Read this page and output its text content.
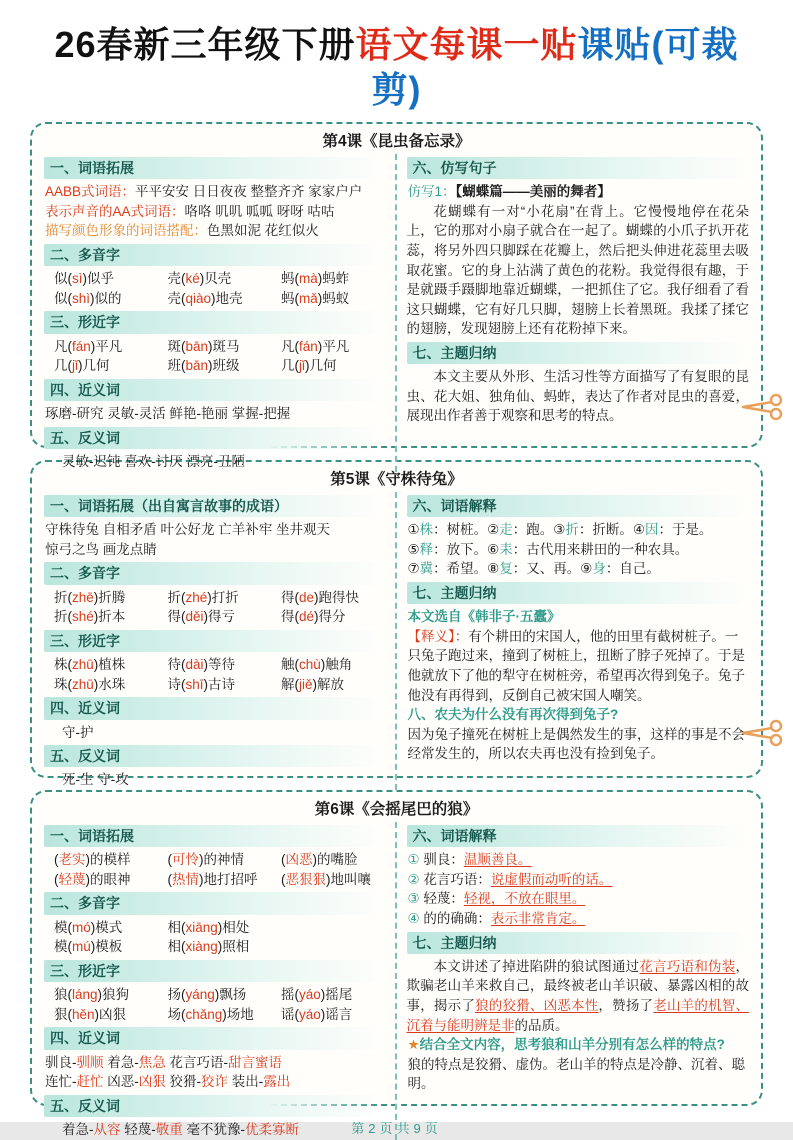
26春新三年级下册语文每课一贴课贴(可裁剪)
第4课《昆虫备忘录》
一、词语拓展
AABB式词语：平平安安 日日夜夜 整整齐齐 家家户户
表示声音的AA式词语：咯咯 叽叽 呱呱 呀呀 咕咕
描写颜色形象的词语搭配：色黑如泥 花红似火
二、多音字
似(sì)似乎	壳(ké)贝壳	蚂(mà)蚂蚱
似(shì)似的	壳(qiào)地壳	蚂(mǎ)蚂蚁
三、形近字
凡(fán)平凡	斑(bān)斑马	凡(fán)平凡
几(jǐ)几何	班(bān)班级	几(jǐ)几何
四、近义词
琢磨-研究 灵敏-灵活 鲜艳-艳丽 掌握-把握
五、反义词
灵敏-迟钝 喜欢-讨厌 漂亮-丑陋
六、仿写句子
仿写1：【蝴蝶篇——美丽的舞者】
花蝴蝶有一对“小花扇”在背上。它慢慢地停在花朵上，它的那对小扇子就合在一起了。蝴蝶的小爪子扒开花蕊，将另外四只脚踩在花瓣上，然后把头伸进花蕊里去吸取花蜜。它的身上沾满了黄色的花粉。我觉得很有趣，于是就蹑手蹑脚地靠近蝴蝶，一把抓住了它。我仔细看了看这只蝴蝶，它有好几只脚，翅膀上长着黑斑。我揉了揉它的翅膀，发现翅膀上还有花粉掉下来。
七、主题归纳
本文主要从外形、生活习性等方面描写了有复眼的昆虫、花大姐、独角仙、蚂蚱，表达了作者对昆虫的喜爱，展现出作者善于观察和思考的特点。
第5课《守株待兔》
一、词语拓展（出自寓言故事的成语）
守株待兔 自相矛盾 叶公好龙 亡羊补牢 坐井观天
惊弓之鸟 画龙点睛
二、多音字
折(zhē)折腾	折(zhé)打折	得(de)跑得快
折(shé)折本	得(děi)得亏	得(dé)得分
三、形近字
株(zhū)植株	待(dài)等待	触(chù)触角
珠(zhū)水珠	诗(shī)古诗	解(jiě)解放
四、近义词
守-护
五、反义词
死-生 守-攻
六、词语解释
①株：树桩。②走：跑。③折：折断。④因：于是。
⑤释：放下。⑥耒：古代用来耕田的一种农具。
⑦冀：希望。⑧复：又、再。⑨身：自己。
七、主题归纳
本文选自《韩非子·五蠹》
【释义】：有个耕田的宋国人，他的田里有截树桩子。一只兔子跑过来，撞到了树桩上，扭断了脖子死掉了。于是他就放下了他的犁守在树桩旁，希望再次得到兔子。兔子他没有再得到，反倒自己被宋国人嘲笑。
八、农夫为什么没有再次得到兔子?
因为兔子撞死在树桩上是偶然发生的事，这样的事是不会经常发生的，所以农夫再也没有捡到兔子。
第6课《会摇尾巴的狼》
一、词语拓展
(老实)的模样	(可怜)的神情	(凶恶)的嘴脸
(轻蔑)的眼神	(热情)地打招呼	(恶狠狠)地叫嚷
二、多音字
模(mó)模式	相(xiāng)相处
模(mú)模板	相(xiàng)照相
三、形近字
狼(láng)狼狗	扬(yáng)飘扬	摇(yáo)摇尾
狠(hěn)凶狠	场(chǎng)场地	谣(yáo)谣言
四、近义词
驯良-驯顺 着急-焦急 花言巧语-甜言蜜语
连忙-赶忙 凶恶-凶狠 狡猾-狡诈 装出-露出
五、反义词
着急-从容 轻蔑-敬重 毫不犹豫-优柔寡断
六、词语解释
① 驯良：温顺善良。
② 花言巧语：说虚假而动听的话。
③ 轻蔑：轻视，不放在眼里。
④ 的的确确：表示非常肯定。
七、主题归纳
本文讲述了掉进陷阱的狼试图通过花言巧语和伪装，欺骗老山羊来救自己，最终被老山羊识破、暴露凶相的故事，揭示了狼的狡猾、凶恶本性，赞扬了老山羊的机智、沉着与能明辨是非的品质。
★结合全文内容，思考狼和山羊分别有怎么样的特点?
狼的特点是狡猾、虚伪。老山羊的特点是冷静、沉着、聪明。
第2页共9页
